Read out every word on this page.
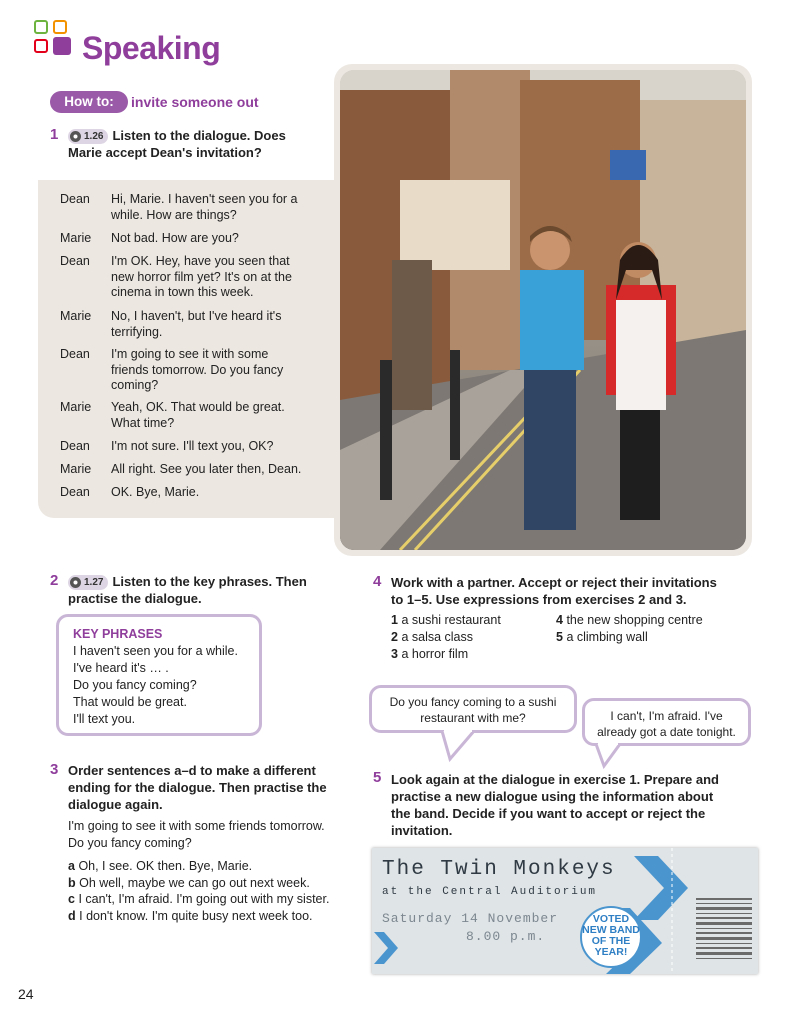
Speaking
How to:	invite someone out
1	1.26 Listen to the dialogue. Does
Marie accept Dean's invitation?
Dean	Hi, Marie. I haven't seen you for a
while. How are things?
Marie	Not bad. How are you?
Dean	I'm OK. Hey, have you seen that
new horror film yet? It's on at the
cinema in town this week.
Marie	No, I haven't, but I've heard it's
terrifying.
Dean	I'm going to see it with some
friends tomorrow. Do you fancy
coming?
Marie	Yeah, OK. That would be great.
What time?
Dean	I'm not sure. I'll text you, OK?
Marie	All right. See you later then, Dean.
Dean	OK. Bye, Marie.
2	1.27 Listen to the key phrases. Then
practise the dialogue.
KEY PHRASES
I haven't seen you for a while.
I've heard it's … .
Do you fancy coming?
That would be great.
I'll text you.
3 Order sentences a–d to make a different
ending for the dialogue. Then practise the
dialogue again.
I'm going to see it with some friends tomorrow.
Do you fancy coming?
a Oh, I see. OK then. Bye, Marie.
b Oh well, maybe we can go out next week.
c I can't, I'm afraid. I'm going out with my sister.
d I don't know. I'm quite busy next week too.
4 Work with a partner. Accept or reject their invitations
to 1–5. Use expressions from exercises 2 and 3.
1 a sushi restaurant
2 a salsa class
3 a horror film
4 the new shopping centre
5 a climbing wall
Do you fancy coming to a sushi
restaurant with me?	I can't, I'm afraid. I've
already got a date tonight.
5 Look again at the dialogue in exercise 1. Prepare and
practise a new dialogue using the information about
the band. Decide if you want to accept or reject the
invitation.
The Twin Monkeys
at the Central Auditorium
Saturday 14 November
8.00 p.m.
VOTED
NEW BAND
OF THE
YEAR!
24
